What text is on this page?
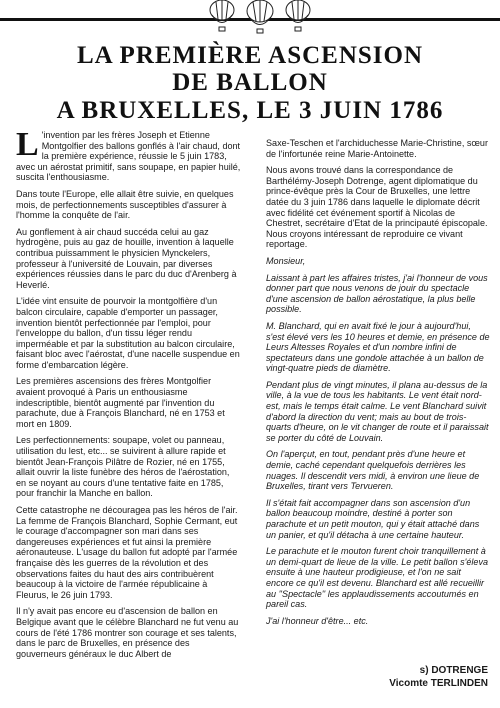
LA PREMIÈRE ASCENSION
DE BALLON
A BRUXELLES, LE 3 JUIN 1786

L 'invention par les frères Joseph et Etienne Montgolfier des ballons gonflés à l'air chaud, dont la première expérience, réussie le 5 juin 1783, avec un aérostat primitif, sans soupape, en papier huilé, suscita l'enthousiasme.

Dans toute l'Europe, elle allait être suivie, en quelques mois, de perfectionnements susceptibles d'assurer à l'homme la conquête de l'air.

Au gonflement à air chaud succéda celui au gaz hydrogène, puis au gaz de houille, invention à laquelle contribua puissamment le physicien Mynckelers, professeur à l'université de Louvain, par diverses expériences réussies dans le parc du duc d'Arenberg à Heverlé.

L'idée vint ensuite de pourvoir la montgolfière d'un balcon circulaire, capable d'emporter un passager, invention bientôt perfectionnée par l'emploi, pour l'enveloppe du ballon, d'un tissu léger rendu imperméable et par la substitution au balcon circulaire, faisant bloc avec l'aérostat, d'une nacelle suspendue en forme d'embarcation légère.

Les premières ascensions des frères Montgolfier avaient provoqué à Paris un enthousiasme indescriptible, bientôt augmenté par l'invention du parachute, due à François Blanchard, né en 1753 et mort en 1809.

Les perfectionnements: soupape, volet ou panneau, utilisation du lest, etc... se suivirent à allure rapide et bientôt Jean-François Pilâtre de Rozier, né en 1755, allait ouvrir la liste funèbre des héros de l'aérostation, en se noyant au cours d'une tentative faite en 1785, pour franchir la Manche en ballon.

Cette catastrophe ne découragea pas les héros de l'air. La femme de François Blanchard, Sophie Cermant, eut le courage d'accompagner son mari dans ses dangereuses expériences et fut ainsi la première aéronauteuse. L'usage du ballon fut adopté par l'armée française dès les guerres de la révolution et des observations faites du haut des airs contribuèrent beaucoup à la victoire de l'armée républicaine à Fleurus, le 26 juin 1793.

Il n'y avait pas encore eu d'ascension de ballon en Belgique avant que le célèbre Blanchard ne fut venu au cours de l'été 1786 montrer son courage et ses talents, dans le parc de Bruxelles, en présence des gouverneurs généraux le duc Albert de

Saxe-Teschen et l'archiduchesse Marie-Christine, sœur de l'infortunée reine Marie-Antoinette.

Nous avons trouvé dans la correspondance de Barthélémy-Joseph Dotrenge, agent diplomatique du prince-évêque près la Cour de Bruxelles, une lettre datée du 3 juin 1786 dans laquelle le diplomate décrit avec fidélité cet événement sportif à Nicolas de Chestret, secrétaire d'Etat de la principauté épiscopale. Nous croyons intéressant de reproduire ce vivant reportage.

Monsieur,

Laissant à part les affaires tristes, j'ai l'honneur de vous donner part que nous venons de jouir du spectacle d'une ascension de ballon aérostatique, la plus belle possible.

M. Blanchard, qui en avait fixé le jour à aujourd'hui, s'est élevé vers les 10 heures et demie, en présence de Leurs Altesses Royales et d'un nombre infini de spectateurs dans une gondole attachée à un ballon de vingt-quatre pieds de diamètre.

Pendant plus de vingt minutes, il plana au-dessus de la ville, à la vue de tous les habitants. Le vent était nord-est, mais le temps était calme. Le vent Blanchard suivit d'abord la direction du vent; mais au bout de trois-quarts d'heure, on le vit changer de route et il paraissait se porter du côté de Louvain.

On l'aperçut, en tout, pendant près d'une heure et demie, caché cependant quelquefois derrières les nuages. Il descendit vers midi, à environ une lieue de Bruxelles, tirant vers Tervueren.

Il s'était fait accompagner dans son ascension d'un ballon beaucoup moindre, destiné à porter son parachute et un petit mouton, qui y était attaché dans un panier, et qu'il détacha à une certaine hauteur.

Le parachute et le mouton furent choir tranquillement à un demi-quart de lieue de la ville. Le petit ballon s'éleva ensuite à une hauteur prodigieuse, et l'on ne sait encore ce qu'il est devenu. Blanchard est allé recueillir au ''Spectacle'' les applaudissements accoutumés en pareil cas.

J'ai l'honneur d'être... etc.

s) DOTRENGE
Vicomte TERLINDEN
